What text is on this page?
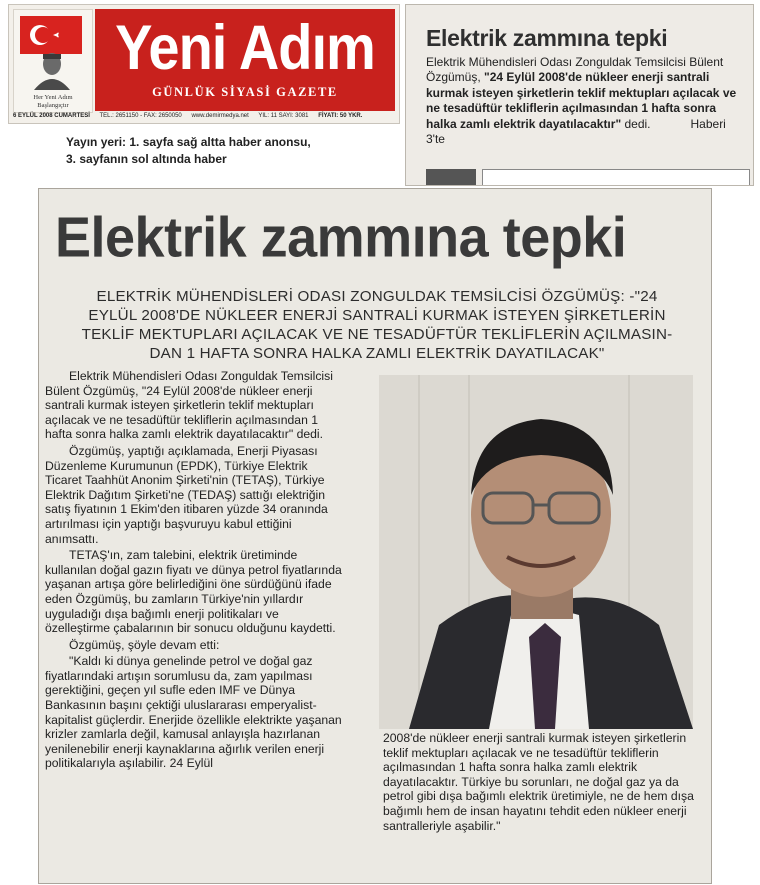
Her Yeni Adım
Başlangıçtır
Yeni Adım
GÜNLÜK SİYASİ GAZETE
6 EYLÜL 2008 CUMARTESİ TEL.: 2651150 - FAX: 2650050 www.demirmedya.net YIL: 11 SAYI: 3081 FİYATI: 50 YKR.
Yayın yeri: 1. sayfa sağ altta haber anonsu,
3. sayfanın sol altında haber
Elektrik zammına tepki
Elektrik Mühendisleri Odası Zonguldak Temsilcisi Bülent Özgümüş, "24 Eylül 2008'de nükleer enerji santrali kurmak isteyen şirketlerin teklif mektupları açılacak ve ne tesadüftür tekliflerin açılmasından 1 hafta sonra halka zamlı elektrik dayatılacaktır" dedi.	Haberi 3'te
Elektrik zammına tepki
ELEKTRİK MÜHENDİSLERİ ODASI ZONGULDAK TEMSİLCİSİ ÖZGÜMÜŞ: -"24
EYLÜL 2008'DE NÜKLEER ENERJİ SANTRALİ KURMAK İSTEYEN ŞİRKETLERİN
TEKLİF MEKTUPLARI AÇILACAK VE NE TESADÜFTÜR TEKLİFLERİN AÇILMASIN-
DAN 1 HAFTA SONRA HALKA ZAMLI ELEKTRİK DAYATILACAK"

Elektrik Mühendisleri Odası Zonguldak Temsilcisi Bülent Özgümüş, "24 Eylül 2008'de nükleer enerji santrali kurmak isteyen şirketlerin teklif mektupları açılacak ve ne tesadüftür tekliflerin açılmasından 1 hafta sonra halka zamlı elektrik dayatılacaktır" dedi.

Özgümüş, yaptığı açıklamada, Enerji Piyasası Düzenleme Kurumunun (EPDK), Türkiye Elektrik Ticaret Taahhüt Anonim Şirketi'nin (TETAŞ), Türkiye Elektrik Dağıtım Şirketi'ne (TEDAŞ) sattığı elektriğin satış fiyatının 1 Ekim'den itibaren yüzde 34 oranında artırılması için yaptığı başvuruyu kabul ettiğini anımsattı.

TETAŞ'ın, zam talebini, elektrik üretiminde kullanılan doğal gazın fiyatı ve dünya petrol fiyatlarında yaşanan artışa göre belirlediğini öne sürdüğünü ifade eden Özgümüş, bu zamların Türkiye'nin yıllardır uyguladığı dışa bağımlı enerji politikaları ve özelleştirme çabalarının bir sonucu olduğunu kaydetti.

Özgümüş, şöyle devam etti:

"Kaldı ki dünya genelinde petrol ve doğal gaz fiyatlarındaki artışın sorumlusu da, zam yapılması gerektiğini, geçen yıl sufle eden IMF ve Dünya Bankasının başını çektiği uluslararası emperyalist-kapitalist güçlerdir. Enerjide özellikle elektrikte yaşanan krizler zamlarla değil, kamusal anlayışla hazırlanan yenilenebilir enerji kaynaklarına ağırlık verilen enerji politikalarıyla aşılabilir. 24 Eylül

2008'de nükleer enerji santrali kurmak isteyen şirketlerin teklif mektupları açılacak ve ne tesadüftür tekliflerin açılmasından 1 hafta sonra halka zamlı elektrik dayatılacaktır. Türkiye bu sorunları, ne doğal gaz ya da petrol gibi dışa bağımlı elektrik üretimiyle, ne de hem dışa bağımlı hem de insan hayatını tehdit eden nükleer enerji santralleriyle aşabilir."
